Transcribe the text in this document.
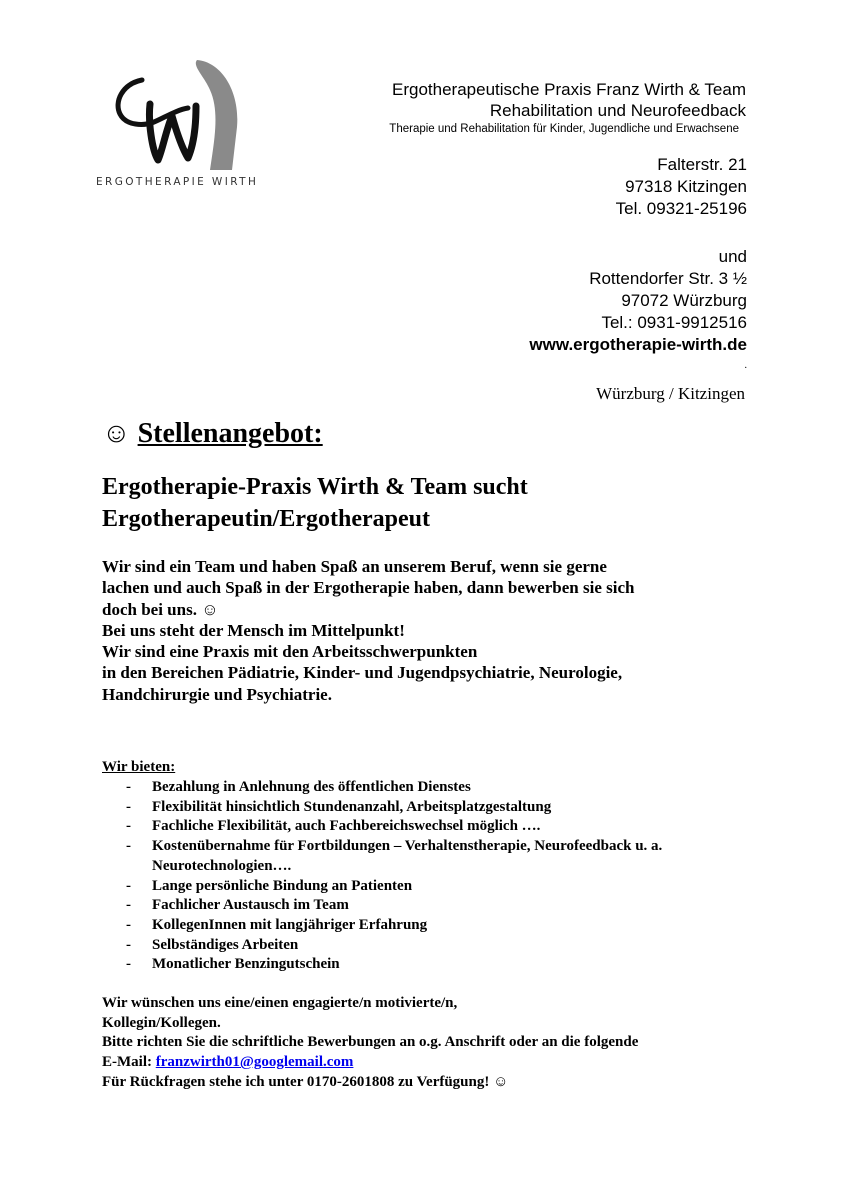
ERGOTHERAPIE WIRTH
Ergotherapeutische Praxis Franz Wirth & Team
Rehabilitation und Neurofeedback
Therapie und Rehabilitation für Kinder, Jugendliche und Erwachsene
Falterstr. 21
97318 Kitzingen
Tel. 09321-25196
und
Rottendorfer Str. 3 ½
97072 Würzburg
Tel.: 0931-9912516
www.ergotherapie-wirth.de
.
Würzburg / Kitzingen
☺ Stellenangebot:
Ergotherapie-Praxis Wirth & Team sucht
Ergotherapeutin/Ergotherapeut
Wir sind ein Team und haben Spaß an unserem Beruf, wenn sie gerne
lachen und auch Spaß in der Ergotherapie haben, dann bewerben sie sich
doch bei uns. ☺
Bei uns steht der Mensch im Mittelpunkt!
Wir sind eine Praxis mit den Arbeitsschwerpunkten
in den Bereichen Pädiatrie, Kinder- und Jugendpsychiatrie, Neurologie,
Handchirurgie und Psychiatrie.
Wir bieten:
- Bezahlung in Anlehnung des öffentlichen Dienstes
- Flexibilität hinsichtlich Stundenanzahl, Arbeitsplatzgestaltung
- Fachliche Flexibilität, auch Fachbereichswechsel möglich ….
- Kostenübernahme für Fortbildungen – Verhaltenstherapie, Neurofeedback u. a.
Neurotechnologien….
- Lange persönliche Bindung an Patienten
- Fachlicher Austausch im Team
- KollegenInnen mit langjähriger Erfahrung
- Selbständiges Arbeiten
- Monatlicher Benzingutschein
Wir wünschen uns eine/einen engagierte/n motivierte/n,
Kollegin/Kollegen.
Bitte richten Sie die schriftliche Bewerbungen an o.g. Anschrift oder an die folgende
E-Mail: franzwirth01@googlemail.com
Für Rückfragen stehe ich unter 0170-2601808 zu Verfügung! ☺
